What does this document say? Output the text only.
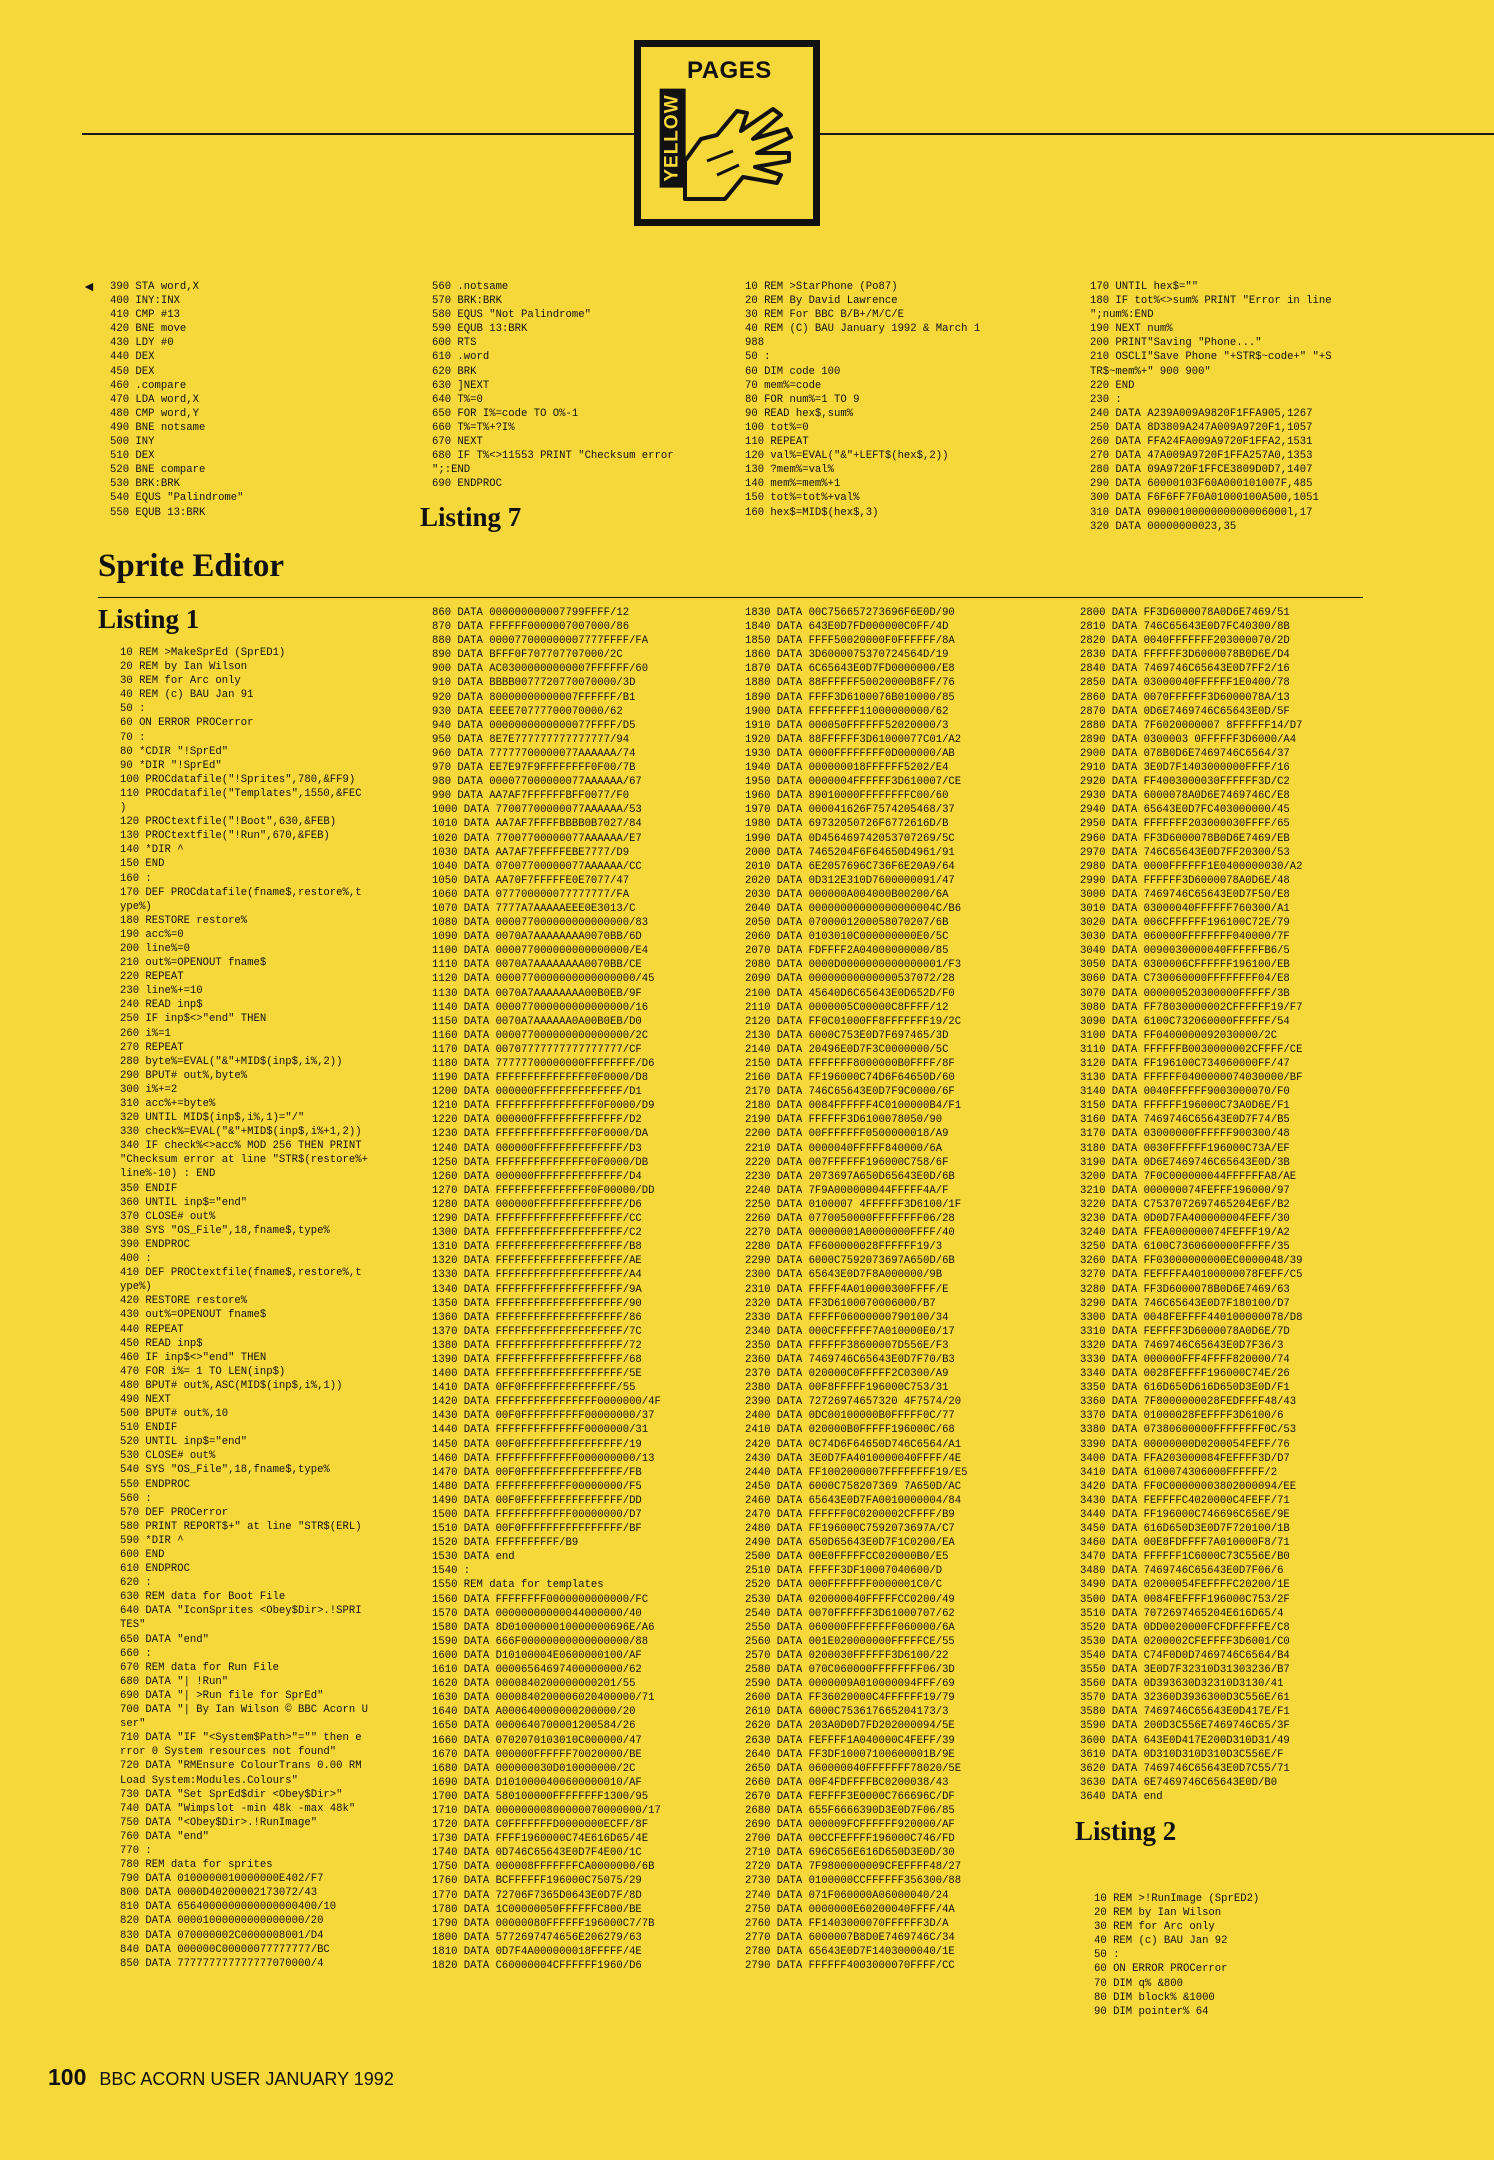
PAGES
YELLOW
◄ 390 STA word,X
400 INY:INX
410 CMP #13
420 BNE move
430 LDY #0
440 DEX
450 DEX
460 .compare
470 LDA word,X
480 CMP word,Y
490 BNE notsame
500 INY
510 DEX
520 BNE compare
530 BRK:BRK
540 EQUS "Palindrome"
550 EQUB 13:BRK
560 .notsame
570 BRK:BRK
580 EQUS "Not Palindrome"
590 EQUB 13:BRK
600 RTS
610 .word
620 BRK
630 ]NEXT
640 T%=0
650 FOR I%=code TO O%-1
660 T%=T%+?I%
670 NEXT
680 IF T%<>11553 PRINT "Checksum error
";:END
690 ENDPROC
10 REM >StarPhone (Po87)
20 REM By David Lawrence
30 REM For BBC B/B+/M/C/E
40 REM (C) BAU January 1992 & March 1
988
50 :
60 DIM code 100
70 mem%=code
80 FOR num%=1 TO 9
90 READ hex$,sum%
100 tot%=0
110 REPEAT
120 val%=EVAL("&"+LEFT$(hex$,2))
130 ?mem%=val%
140 mem%=mem%+1
150 tot%=tot%+val%
160 hex$=MID$(hex$,3)
170 UNTIL hex$=""
180 IF tot%<>sum% PRINT "Error in line
";num%:END
190 NEXT num%
200 PRINT"Saving "Phone..."
210 OSCLI"Save Phone "+STR$~code+" "+S
TR$~mem%+" 900 900"
220 END
230 :
240 DATA A239A009A9820F1FFA905,1267
250 DATA 8D3809A247A009A9720F1,1057
260 DATA FFA24FA009A9720F1FFA2,1531
270 DATA 47A009A9720F1FFA257A0,1353
280 DATA 09A9720F1FFCE3809D0D7,1407
290 DATA 60000103F60A000101007F,485
300 DATA F6F6FF7F0A01000100A500,1051
310 DATA 0900010000000000006000l,17
320 DATA 00000000023,35
Listing 7
Sprite Editor
Listing 1
10 REM >MakeSprEd (SprED1)
20 REM by Ian Wilson
30 REM for Arc only
40 REM (c) BAU Jan 91
50 :
60 ON ERROR PROCerror
70 :
80 *CDIR "!SprEd"
90 *DIR "!SprEd"
100 PROCdatafile("!Sprites",780,&FF9)
110 PROCdatafile("Templates",1550,&FEC
)
120 PROCtextfile("!Boot",630,&FEB)
130 PROCtextfile("!Run",670,&FEB)
140 *DIR ^
150 END
160 :
170 DEF PROCdatafile(fname$,restore%,t
ype%)
180 RESTORE restore%
190 acc%=0
200 line%=0
210 out%=OPENOUT fname$
220 REPEAT
230 line%+=10
240 READ inp$
250 IF inp$<>"end" THEN
260 i%=1
270 REPEAT
280 byte%=EVAL("&"+MID$(inp$,i%,2))
290 BPUT# out%,byte%
300 i%+=2
310 acc%+=byte%
320 UNTIL MID$(inp$,i%,1)="/"
330 check%=EVAL("&"+MID$(inp$,i%+1,2))
340 IF check%<>acc% MOD 256 THEN PRINT
"Checksum error at line "STR$(restore%+
line%-10) : END
350 ENDIF
360 UNTIL inp$="end"
370 CLOSE# out%
380 SYS "OS_File",18,fname$,type%
390 ENDPROC
400 :
410 DEF PROCtextfile(fname$,restore%,t
ype%)
420 RESTORE restore%
430 out%=OPENOUT fname$
440 REPEAT
450 READ inp$
460 IF inp$<>"end" THEN
470 FOR i%= 1 TO LEN(inp$)
480 BPUT# out%,ASC(MID$(inp$,i%,1))
490 NEXT
500 BPUT# out%,10
510 ENDIF
520 UNTIL inp$="end"
530 CLOSE# out%
540 SYS "OS_File",18,fname$,type%
550 ENDPROC
560 :
570 DEF PROCerror
580 PRINT REPORT$+" at line "STR$(ERL)
590 *DIR ^
600 END
610 ENDPROC
620 :
630 REM data for Boot File
640 DATA "IconSprites <Obey$Dir>.!SPRI
TES"
650 DATA "end"
660 :
670 REM data for Run File
680 DATA "| !Run"
690 DATA "| >Run file for SprEd"
700 DATA "| By Ian Wilson © BBC Acorn U
ser"
710 DATA "IF "<System$Path>"="" then e
rror 0 System resources not found"
720 DATA "RMEnsure ColourTrans 0.00 RM
Load System:Modules.Colours"
730 DATA "Set SprEd$dir <Obey$Dir>"
740 DATA "Wimpslot -min 48k -max 48k"
750 DATA "<Obey$Dir>.!RunImage"
760 DATA "end"
770 :
780 REM data for sprites
790 DATA 0100000010000000E402/F7
800 DATA 0000D40200002173072/43
810 DATA 6564000000000000000400/10
820 DATA 00001000000000000000/20
830 DATA 070000002C0000008001/D4
840 DATA 000000C00000077777777/BC
850 DATA 777777777777777070000/4
860 DATA 000000000007799FFFF/12
870 DATA FFFFFF0000007007000/86
880 DATA 000077000000007777FFFF/FA
890 DATA BFFF0F707707707000/2C
900 DATA AC03000000000007FFFFFF/60
910 DATA BBBB0077720770070000/3D
920 DATA 80000000000007FFFFFF/B1
930 DATA EEEE70777700070000/62
940 DATA 0000000000000077FFFF/D5
950 DATA 8E7E777777777777777/94
960 DATA 77777700000077AAAAAA/74
970 DATA EE7E97F9FFFFFFFF0F00/7B
980 DATA 000077000000077AAAAAA/67
990 DATA AA7AF7FFFFFFBFF0077/F0
1000 DATA 77007700000077AAAAAA/53
1010 DATA AA7AF7FFFFBBBB0B7027/84
1020 DATA 77007700000077AAAAAA/E7
1030 DATA AA7AF7FFFFFEBE7777/D9
1040 DATA 07007700000077AAAAAA/CC
1050 DATA AA70F7FFFFFE0E7077/47
1060 DATA 077700000077777777/FA
1070 DATA 7777A7AAAAAEEE0E3013/C
1080 DATA 000077000000000000000/83
1090 DATA 0070A7AAAAAAAA0070BB/6D
1100 DATA 000077000000000000000/E4
1110 DATA 0070A7AAAAAAAA0070BB/CE
1120 DATA 0000770000000000000000/45
1130 DATA 0070A7AAAAAAAA00B0EB/9F
1140 DATA 000077000000000000000/16
1150 DATA 0070A7AAAAAA0A00B0EB/D0
1160 DATA 000077000000000000000/2C
1170 DATA 00707777777777777777/CF
1180 DATA 77777700000000FFFFFFFF/D6
1190 DATA FFFFFFFFFFFFFFF0F0000/D8
1200 DATA 000000FFFFFFFFFFFFFF/D1
1210 DATA FFFFFFFFFFFFFFFF0F0000/D9
1220 DATA 000000FFFFFFFFFFFFFF/D2
1230 DATA FFFFFFFFFFFFFFF0F0000/DA
1240 DATA 000000FFFFFFFFFFFFFF/D3
1250 DATA FFFFFFFFFFFFFFF0F0000/DB
1260 DATA 000000FFFFFFFFFFFFFF/D4
1270 DATA FFFFFFFFFFFFFFF0F00000/DD
1280 DATA 000000FFFFFFFFFFFFFF/D6
1290 DATA FFFFFFFFFFFFFFFFFFFF/CC
1300 DATA FFFFFFFFFFFFFFFFFFFF/C2
1310 DATA FFFFFFFFFFFFFFFFFFFF/B8
1320 DATA FFFFFFFFFFFFFFFFFFFF/AE
1330 DATA FFFFFFFFFFFFFFFFFFFF/A4
1340 DATA FFFFFFFFFFFFFFFFFFFF/9A
1350 DATA FFFFFFFFFFFFFFFFFFFF/90
1360 DATA FFFFFFFFFFFFFFFFFFFF/86
1370 DATA FFFFFFFFFFFFFFFFFFFF/7C
1380 DATA FFFFFFFFFFFFFFFFFFFF/72
1390 DATA FFFFFFFFFFFFFFFFFFFF/68
1400 DATA FFFFFFFFFFFFFFFFFFFF/5E
1410 DATA 0FF0FFFFFFFFFFFFFFF/55
1420 DATA FFFFFFFFFFFFFFFF0000000/4F
1430 DATA 00F0FFFFFFFFFF00000000/37
1440 DATA FFFFFFFFFFFFFF0000000/31
1450 DATA 00F0FFFFFFFFFFFFFFFF/19
1460 DATA FFFFFFFFFFFFF000000000/13
1470 DATA 00F0FFFFFFFFFFFFFFFF/FB
1480 DATA FFFFFFFFFFFF00000000/F5
1490 DATA 00F0FFFFFFFFFFFFFFFF/DD
1500 DATA FFFFFFFFFFFF00000000/D7
1510 DATA 00F0FFFFFFFFFFFFFFFF/BF
1520 DATA FFFFFFFFFF/B9
1530 DATA end
1540 :
1550 REM data for templates
1560 DATA FFFFFFFF0000000000000/FC
1570 DATA 00000000000044000000/40
1580 DATA 8D0100000010000000696E/A6
1590 DATA 666F00000000000000000/88
1600 DATA D10100004E0600000100/AF
1610 DATA 00006564697400000000/62
1620 DATA 0000840200000000201/55
1630 DATA 0000840200006020400000/71
1640 DATA A000640000000200000/20
1650 DATA 0000640700001200584/26
1660 DATA 0702070103010C000000/47
1670 DATA 000000FFFFFF70020000/BE
1680 DATA 000000030D010000000/2C
1690 DATA D1010000400600000010/AF
1700 DATA 580100000FFFFFFFF1300/95
1710 DATA 00000000800000070000000/17
1720 DATA C0FFFFFFFD0000000ECFF/8F
1730 DATA FFFF1960000C74E616D65/4E
1740 DATA 0D746C65643E0D7F4E00/1C
1750 DATA 000008FFFFFFFCA0000000/6B
1760 DATA BCFFFFFF196000C75075/29
1770 DATA 72706F7365D0643E0D7F/8D
1780 DATA 1C00000050FFFFFFC800/BE
1790 DATA 00000080FFFFFF196000C7/7B
1800 DATA 5772697474656E206279/63
1810 DATA 0D7F4A000000018FFFFF/4E
1820 DATA C60000004CFFFFFF1960/D6
1830 DATA 00C756657273696F6E0D/90
1840 DATA 643E0D7FD000000C0FF/4D
1850 DATA FFFF50020000F0FFFFFF/8A
1860 DATA 3D6000075370724564D/19
1870 DATA 6C65643E0D7FD0000000/E8
1880 DATA 88FFFFFF50020000B8FF/76
1890 DATA FFFF3D6100076B010000/85
1900 DATA FFFFFFFF11000000000/62
1910 DATA 000050FFFFFF52020000/3
1920 DATA 88FFFFFF3D61000077C01/A2
1930 DATA 0000FFFFFFFF0D000000/AB
1940 DATA 000000018FFFFFF5202/E4
1950 DATA 0000004FFFFFF3D610007/CE
1960 DATA 89010000FFFFFFFFC00/60
1970 DATA 000041626F7574205468/37
1980 DATA 69732050726F6772616D/B
1990 DATA 0D456469742053707269/5C
2000 DATA 7465204F6F64650D4961/91
2010 DATA 6E2057696C736F6E20A9/64
2020 DATA 0D312E310D7600000091/47
2030 DATA 000000A004000B00200/6A
2040 DATA 00000000000000000004C/B6
2050 DATA 0700001200058070207/6B
2060 DATA 0103010C000000000E0/5C
2070 DATA FDFFFF2A04000000000/85
2080 DATA 0000D0000000000000001/F3
2090 DATA 00000000000000537072/28
2100 DATA 45640D6C65643E0D652D/F0
2110 DATA 0000005C00000C8FFFF/12
2120 DATA FF0C01000FF8FFFFFFF19/2C
2130 DATA 6000C753E0D7F697465/3D
2140 DATA 20496E0D7F3C0000000/5C
2150 DATA FFFFFFF8000000B0FFFF/8F
2160 DATA FF196000C74D6F64650D/60
2170 DATA 746C65643E0D7F9C0000/6F
2180 DATA 0084FFFFFF4C0100000B4/F1
2190 DATA FFFFFF3D6100078050/90
2200 DATA 00FFFFFFF0500000018/A9
2210 DATA 0000040FFFFF840000/6A
2220 DATA 007FFFFFF196000C758/6F
2230 DATA 2073697A650D65643E0D/6B
2240 DATA 7F9A000000044FFFFF4A/F
2250 DATA 0100007 4FFFFFF3D6100/1F
2260 DATA 0770050000FFFFFFFF06/28
2270 DATA 00000001A0000000FFFF/40
2280 DATA FF600000028FFFFFF19/3
2290 DATA 6000C7592073697A650D/6B
2300 DATA 65643E0D7F8A000000/9B
2310 DATA FFFFF4A010000300FFFF/E
2320 DATA FF3D6100070006000/B7
2330 DATA FFFFF06000000790100/34
2340 DATA 000CFFFFFF7A010000E0/17
2350 DATA FFFFFF38600007D556E/F3
2360 DATA 7469746C65643E0D7F70/B3
2370 DATA 020000C0FFFFF2C0300/A9
2380 DATA 00F8FFFFF196000C753/31
2390 DATA 72726974657320 4F7574/20
2400 DATA 0DC00100000B0FFFFF0C/77
2410 DATA 020000B0FFFFF196000C/68
2420 DATA 0C74D6F64650D746C6564/A1
2430 DATA 3E0D7FA4010000040FFFF/4E
2440 DATA FF1002000007FFFFFFFF19/E5
2450 DATA 6000C758207369 7A650D/AC
2460 DATA 65643E0D7FA0010000004/84
2470 DATA FFFFFF0C0200002CFFFF/B9
2480 DATA FF196000C7592073697A/C7
2490 DATA 650D65643E0D7F1C0200/EA
2500 DATA 00E0FFFFFCC020000B0/E5
2510 DATA FFFFF3DF10007040600/D
2520 DATA 000FFFFFFF0000001C0/C
2530 DATA 020000040FFFFFCC0200/49
2540 DATA 0070FFFFFF3D61000707/62
2550 DATA 060000FFFFFFFF060000/6A
2560 DATA 001E020000000FFFFFCE/55
2570 DATA 0200030FFFFFF3D6100/22
2580 DATA 070C060000FFFFFFFF06/3D
2590 DATA 0000009A010000094FFF/69
2600 DATA FF36020000C4FFFFFF19/79
2610 DATA 6000C753617665204173/3
2620 DATA 203A0D0D7FD202000094/5E
2630 DATA FEFFFF1A040000C4FEFF/39
2640 DATA FF3DF10007100600001B/9E
2650 DATA 060000040FFFFFFF78020/5E
2660 DATA 00F4FDFFFFBC0200038/43
2670 DATA FEFFFF3E0000C766696C/DF
2680 DATA 655F6666390D3E0D7F06/85
2690 DATA 000009FCFFFFFF920000/AF
2700 DATA 00CCFEFFFF196000C746/FD
2710 DATA 696C656E616D650D3E0D/30
2720 DATA 7F9800000009CFEFFFF48/27
2730 DATA 0100000CCFFFFFF356300/88
2740 DATA 071F060000A06000040/24
2750 DATA 0000000E60200040FFFF/4A
2760 DATA FF1403000070FFFFFF3D/A
2770 DATA 6000007B8D0E7469746C/34
2780 DATA 65643E0D7F1403000040/1E
2790 DATA FFFFFF4003000070FFFF/CC
2800 DATA FF3D6000078A0D6E7469/51
2810 DATA 746C65643E0D7FC40300/8B
2820 DATA 0040FFFFFFF203000070/2D
2830 DATA FFFFFF3D6000078B0D6E/D4
2840 DATA 7469746C65643E0D7FF2/16
2850 DATA 03000040FFFFFF1E0400/78
2860 DATA 0070FFFFFF3D6000078A/13
2870 DATA 0D6E7469746C65643E0D/5F
2880 DATA 7F6020000007 8FFFFFF14/D7
2890 DATA 0300003 0FFFFFF3D6000/A4
2900 DATA 078B0D6E7469746C6564/37
2910 DATA 3E0D7F1403000000FFFF/16
2920 DATA FF4003000030FFFFFF3D/C2
2930 DATA 6000078A0D6E7469746C/E8
2940 DATA 65643E0D7FC403000000/45
2950 DATA FFFFFFF203000030FFFF/65
2960 DATA FF3D6000078B0D6E7469/EB
2970 DATA 746C65643E0D7FF20300/53
2980 DATA 0000FFFFFF1E0400000030/A2
2990 DATA FFFFFF3D6000078A0D6E/48
3000 DATA 7469746C65643E0D7F50/E8
3010 DATA 03000040FFFFFF760300/A1
3020 DATA 006CFFFFFF196100C72E/79
3030 DATA 060000FFFFFFFF040000/7F
3040 DATA 0090030000040FFFFFFB6/5
3050 DATA 0300006CFFFFFF196100/EB
3060 DATA C730060000FFFFFFFF04/E8
3070 DATA 000000520300000FFFFF/3B
3080 DATA FF78030000002CFFFFFF19/F7
3090 DATA 6100C732060000FFFFFF/54
3100 DATA FF0400000092030000/2C
3110 DATA FFFFFFB0030000002CFFFF/CE
3120 DATA FF196100C734060000FF/47
3130 DATA FFFFFF0400000074030000/BF
3140 DATA 0040FFFFFF9003000070/F0
3150 DATA FFFFFF196000C73A0D6E/F1
3160 DATA 7469746C65643E0D7F74/B5
3170 DATA 03000000FFFFFF900300/48
3180 DATA 0030FFFFFF196000C73A/EF
3190 DATA 0D6E7469746C65643E0D/3B
3200 DATA 7F0C000000044FFFFFFA8/AE
3210 DATA 000000074FEFFF196000/97
3220 DATA C7537072697465204E6F/B2
3230 DATA 0D0D7FA400000004FEFF/30
3240 DATA FFEA000000074FEFFF19/A2
3250 DATA 6100C7360600000FFFFF/35
3260 DATA FF03000000000EC0000048/39
3270 DATA FEFFFFA40100000078FEFF/C5
3280 DATA FF3D6000078B0D6E7469/63
3290 DATA 746C65643E0D7F180100/D7
3300 DATA 0048FEFFFF440100000078/D8
3310 DATA FEFFFF3D6000078A0D6E/7D
3320 DATA 7469746C65643E0D7F36/3
3330 DATA 000000FFF4FFFF820000/74
3340 DATA 0028FEFFFF196000C74E/26
3350 DATA 616D650D616D650D3E0D/F1
3360 DATA 7F8000000028FEDFFFF48/43
3370 DATA 01000028FEFFFF3D6100/6
3380 DATA 07380600000FFFFFFFF0C/53
3390 DATA 00000000D0200054FEFF/76
3400 DATA FFA203000084FEFFFF3D/D7
3410 DATA 6100074306000FFFFFF/2
3420 DATA FF0C00000003802000094/EE
3430 DATA FEFFFFC4020000C4FEFF/71
3440 DATA FF196000C746696C656E/9E
3450 DATA 616D650D3E0D7F720100/1B
3460 DATA 00E8FDFFFF7A010000F8/71
3470 DATA FFFFFF1C6000C73C556E/B0
3480 DATA 7469746C65643E0D7F06/6
3490 DATA 02000054FEFFFFC20200/1E
3500 DATA 0084FEFFFF196000C753/2F
3510 DATA 7072697465204E616D65/4
3520 DATA 0DD0020000FCFDFFFFFE/C8
3530 DATA 0200002CFEFFFF3D6001/C0
3540 DATA C74F0D0D7469746C6564/B4
3550 DATA 3E0D7F32310D31303236/B7
3560 DATA 0D393630D32310D3130/41
3570 DATA 32360D3936300D3C556E/61
3580 DATA 7469746C65643E0D417E/F1
3590 DATA 200D3C556E7469746C65/3F
3600 DATA 643E0D417E200D310D31/49
3610 DATA 0D310D310D310D3C556E/F
3620 DATA 7469746C65643E0D7C55/71
3630 DATA 6E7469746C65643E0D/B0
3640 DATA end
Listing 2
10 REM >!RunImage (SprED2)
20 REM by Ian Wilson
30 REM for Arc only
40 REM (c) BAU Jan 92
50 :
60 ON ERROR PROCerror
70 DIM q% &800
80 DIM block% &1000
90 DIM pointer% 64
100 BBC ACORN USER JANUARY 1992
